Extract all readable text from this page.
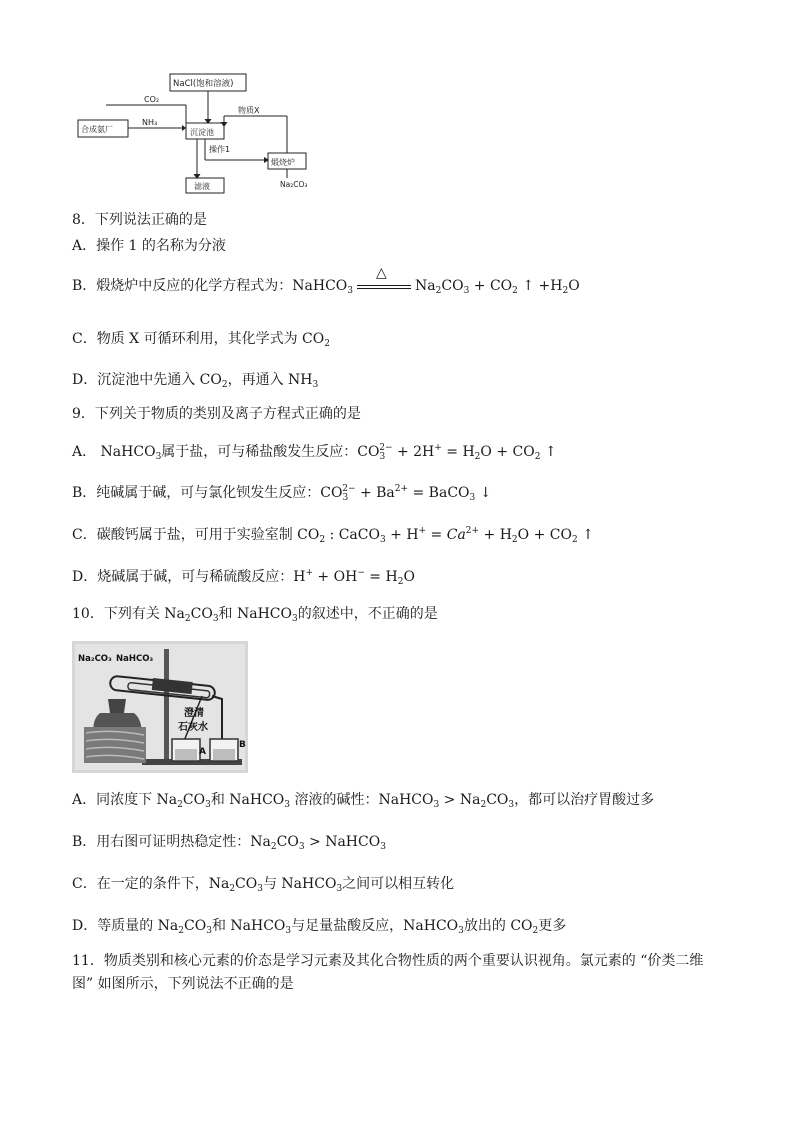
NaCl(饱和溶液)
CO₂
物质X
合成氨厂
NH₃
沉淀池
操作1
煅烧炉
Na₂CO₃
滤液
8．下列说法正确的是
A．操作 1 的名称为分液
B．煅烧炉中反应的化学方程式为：NaHCO$_3$
△
$Na_2CO_3 + CO_2$ ↑ $+H_2O$
C．物质 X 可循环利用，其化学式为 $CO_2$
D．沉淀池中先通入 $CO_2$，再通入 $NH_3$
9．下列关于物质的类别及离子方程式正确的是
A． NaHCO$_3$属于盐，可与稀盐酸发生反应：$CO_3^{2-} + 2H^+ = H_2O + CO_2$ ↑
B．纯碱属于碱，可与氯化钡发生反应：$CO_3^{2-} + Ba^{2+}$ = BaCO$_3$ ↓
C．碳酸钙属于盐，可用于实验室制 $CO_2$ : CaCO$_3$ + $H^+ = Ca^{2+} + H_2O + CO_2$ ↑
D．烧碱属于碱，可与稀硫酸反应：$H^+ + OH^- = H_2O$
10．下列有关 $Na_2CO_3$和 NaHCO$_3$的叙述中，不正确的是
Na₂CO₃ NaHCO₃
澄清
石灰水
A
B
A．同浓度下 $Na_2CO_3$和 NaHCO$_3$ 溶液的碱性：NaHCO$_3$ > $Na_2CO_3$，都可以治疗胃酸过多
B．用右图可证明热稳定性：$Na_2CO_3$ > NaHCO$_3$
C．在一定的条件下，$Na_2CO_3$与 NaHCO$_3$之间可以相互转化
D．等质量的 $Na_2CO_3$和 NaHCO$_3$与足量盐酸反应，NaHCO$_3$放出的 $CO_2$更多
11．物质类别和核心元素的价态是学习元素及其化合物性质的两个重要认识视角。氯元素的 “价类二维
图” 如图所示，下列说法不正确的是
